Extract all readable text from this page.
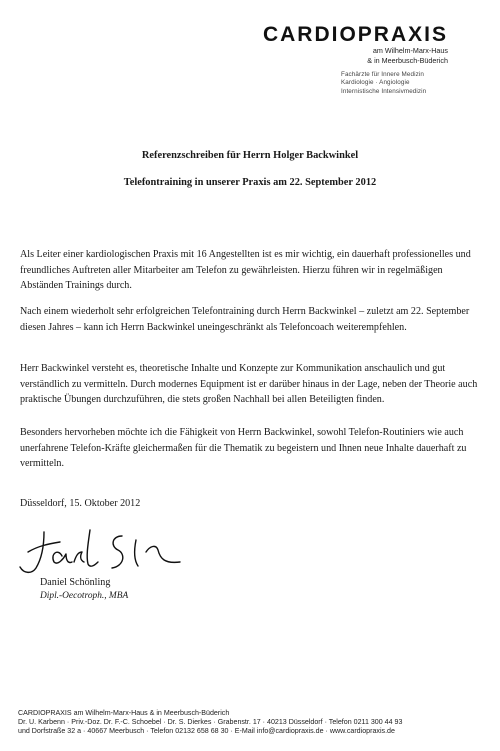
CARDIOPRAXIS
am Wilhelm-Marx-Haus
& in Meerbusch-Büderich
Fachärzte für Innere Medizin
Kardiologie · Angiologie
Internistische Intensivmedizin
Referenzschreiben für Herrn Holger Backwinkel
Telefontraining in unserer Praxis am 22. September 2012

Als Leiter einer kardiologischen Praxis mit 16 Angestellten ist es mir wichtig, ein dauerhaft professionelles und freundliches Auftreten aller Mitarbeiter am Telefon zu gewährleisten. Hierzu führen wir in regelmäßigen Abständen Trainings durch.

Nach einem wiederholt sehr erfolgreichen Telefontraining durch Herrn Backwinkel – zuletzt am 22. September diesen Jahres – kann ich Herrn Backwinkel uneingeschränkt als Telefoncoach weiterempfehlen.

Herr Backwinkel versteht es, theoretische Inhalte und Konzepte zur Kommunikation anschaulich und gut verständlich zu vermitteln. Durch modernes Equipment ist er darüber hinaus in der Lage, neben der Theorie auch praktische Übungen durchzuführen, die stets großen Nachhall bei allen Beteiligten finden.

Besonders hervorheben möchte ich die Fähigkeit von Herrn Backwinkel, sowohl Telefon-Routiniers wie auch unerfahrene Telefon-Kräfte gleichermaßen für die Thematik zu begeistern und Ihnen neue Inhalte dauerhaft zu vermitteln.

Düsseldorf, 15. Oktober 2012
Daniel Schönling
Dipl.-Oecotroph., MBA
CARDIOPRAXIS am Wilhelm-Marx-Haus & in Meerbusch-Büderich
Dr. U. Karbenn · Priv.-Doz. Dr. F.-C. Schoebel · Dr. S. Dierkes · Grabenstr. 17 · 40213 Düsseldorf · Telefon 0211 300 44 93
und Dorfstraße 32 a · 40667 Meerbusch · Telefon 02132 658 68 30 · E-Mail info@cardiopraxis.de · www.cardiopraxis.de
